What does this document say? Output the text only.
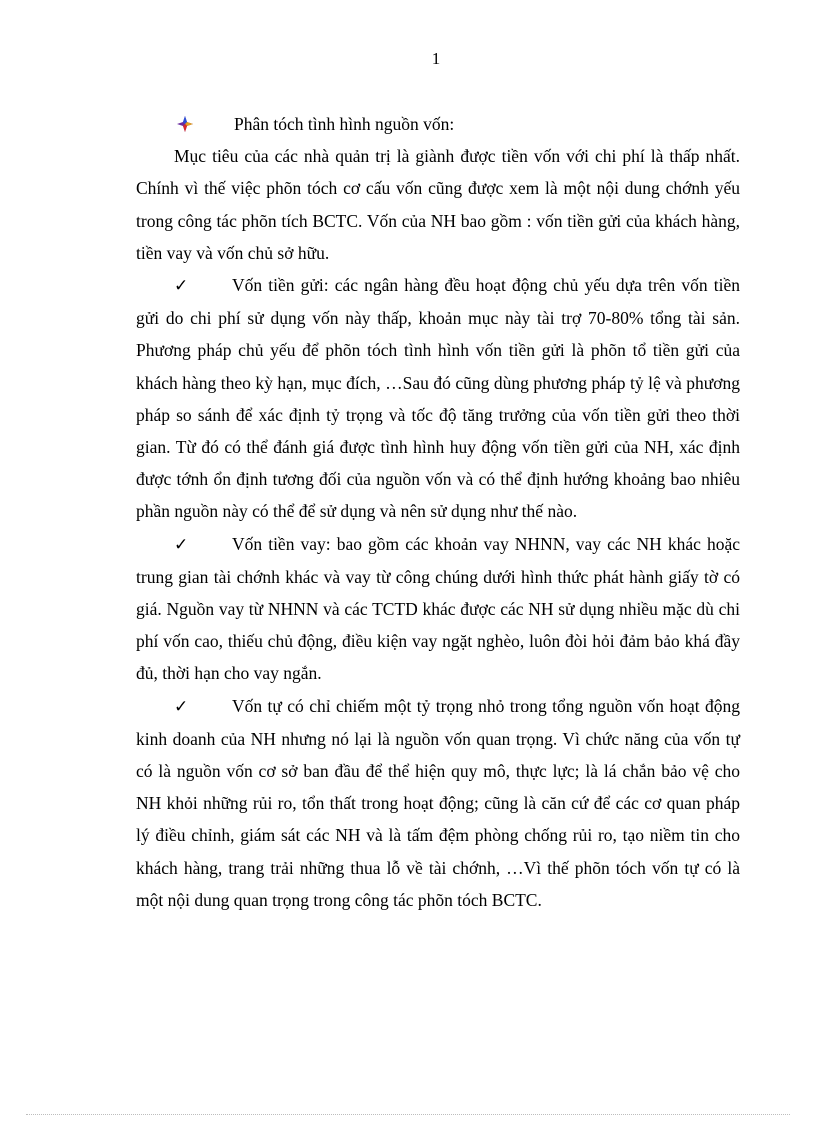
1

Phân tóch tình hình nguồn vốn:

Mục tiêu của các nhà quản trị là giành được tiền vốn với chi phí là thấp nhất. Chính vì thế việc phõn tóch cơ cấu vốn cũng được xem là một nội dung chớnh yếu trong công tác phõn tích BCTC. Vốn của NH bao gồm : vốn tiền gửi của khách hàng, tiền vay và vốn chủ sở hữu.

✓	Vốn tiền gửi: các ngân hàng đều hoạt động chủ yếu dựa trên vốn tiền gửi do chi phí sử dụng vốn này thấp, khoản mục này tài trợ 70-80% tổng tài sản. Phương pháp chủ yếu để phõn tóch tình hình vốn tiền gửi là phõn tổ tiền gửi của khách hàng theo kỳ hạn, mục đích, …Sau đó cũng dùng phương pháp tỷ lệ và phương pháp so sánh để xác định tỷ trọng và tốc độ tăng trưởng của vốn tiền gửi theo thời gian. Từ đó có thể đánh giá được tình hình huy động vốn tiền gửi của NH, xác định được tớnh ổn định tương đối của nguồn vốn và có thể định hướng khoảng bao nhiêu phần nguồn này có thể để sử dụng và nên sử dụng như thế nào.

✓	Vốn tiền vay: bao gồm các khoản vay NHNN, vay các NH khác hoặc trung gian tài chớnh khác và vay từ công chúng dưới hình thức phát hành giấy tờ có giá. Nguồn vay từ NHNN và các TCTD khác được các NH sử dụng nhiều mặc dù chi phí vốn cao, thiếu chủ động, điều kiện vay ngặt nghèo, luôn đòi hỏi đảm bảo khá đầy đủ, thời hạn cho vay ngắn.

✓	Vốn tự có chỉ chiếm một tỷ trọng nhỏ trong tổng nguồn vốn hoạt động kinh doanh của NH nhưng nó lại là nguồn vốn quan trọng. Vì chức năng của vốn tự có là nguồn vốn cơ sở ban đầu để thể hiện quy mô, thực lực; là lá chắn bảo vệ cho NH khỏi những rủi ro, tổn thất trong hoạt động; cũng là căn cứ để các cơ quan pháp lý điều chỉnh, giám sát các NH và là tấm đệm phòng chống rủi ro, tạo niềm tin cho khách hàng, trang trải những thua lỗ về tài chớnh, …Vì thế phõn tóch vốn tự có là một nội dung quan trọng trong công tác phõn tóch BCTC.
